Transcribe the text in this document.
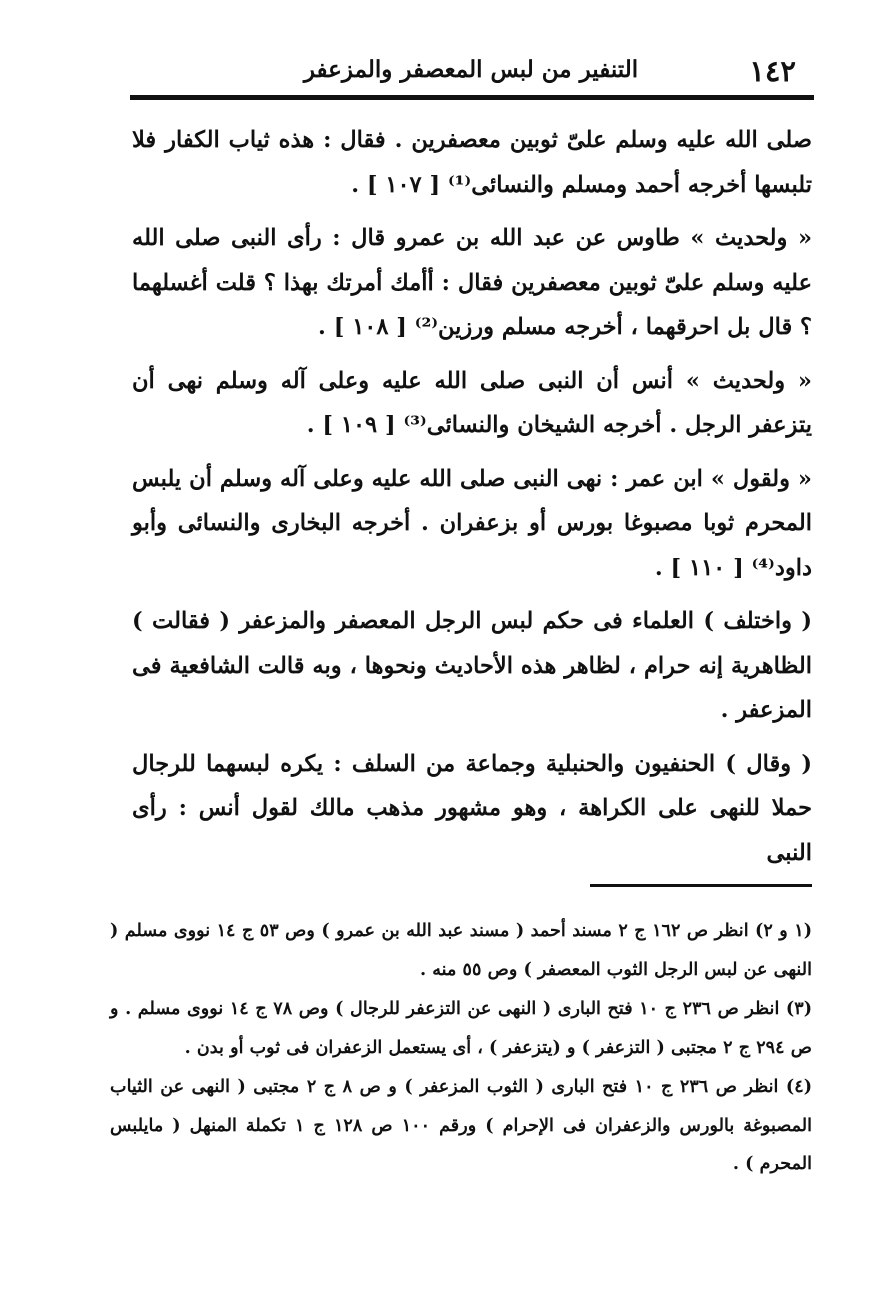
١٤٢
التنفير من لبس المعصفر والمزعفر

صلى الله عليه وسلم علىّ ثوبين معصفرين . فقال : هذه ثياب الكفار فلا تلبسها أخرجه أحمد ومسلم والنسائى⁽¹⁾ [ ١٠٧ ] .

« ولحديث » طاوس عن عبد الله بن عمرو قال : رأى النبى صلى الله عليه وسلم علىّ ثوبين معصفرين فقال : أأمك أمرتك بهذا ؟ قلت أغسلهما ؟ قال بل احرقهما ، أخرجه مسلم ورزين⁽²⁾ [ ١٠٨ ] .

« ولحديث » أنس أن النبى صلى الله عليه وعلى آله وسلم نهى أن يتزعفر الرجل . أخرجه الشيخان والنسائى⁽³⁾ [ ١٠٩ ] .

« ولقول » ابن عمر : نهى النبى صلى الله عليه وعلى آله وسلم أن يلبس المحرم ثوبا مصبوغا بورس أو بزعفران . أخرجه البخارى والنسائى وأبو داود⁽⁴⁾ [ ١١٠ ] .

( واختلف ) العلماء فى حكم لبس الرجل المعصفر والمزعفر ( فقالت ) الظاهرية إنه حرام ، لظاهر هذه الأحاديث ونحوها ، وبه قالت الشافعية فى المزعفر .

( وقال ) الحنفيون والحنبلية وجماعة من السلف : يكره لبسهما للرجال حملا للنهى على الكراهة ، وهو مشهور مذهب مالك لقول أنس : رأى النبى

(١ و ٢) انظر ص ١٦٢ ج ٢ مسند أحمد ( مسند عبد الله بن عمرو ) وص ٥٣ ج ١٤ نووى مسلم ( النهى عن لبس الرجل الثوب المعصفر ) وص ٥٥ منه .

(٣) انظر ص ٢٣٦ ج ١٠ فتح البارى ( النهى عن التزعفر للرجال ) وص ٧٨ ج ١٤ نووى مسلم . و ص ٢٩٤ ج ٢ مجتبى ( التزعفر ) و (يتزعفر ) ، أى يستعمل الزعفران فى ثوب أو بدن .

(٤) انظر ص ٢٣٦ ج ١٠ فتح البارى ( الثوب المزعفر ) و ص ٨ ج ٢ مجتبى ( النهى عن الثياب المصبوغة بالورس والزعفران فى الإحرام ) ورقم ١٠٠ ص ١٢٨ ج ١ تكملة المنهل ( مايلبس المحرم ) .
